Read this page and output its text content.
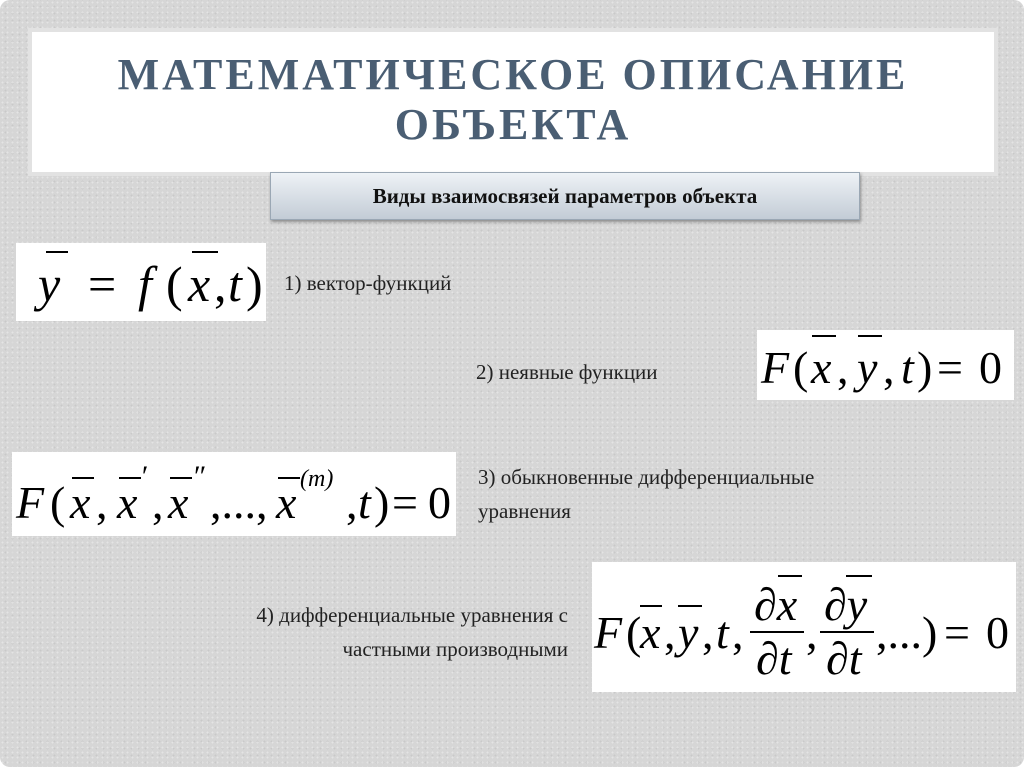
МАТЕМАТИЧЕСКОЕ ОПИСАНИЕ
ОБЪЕКТА
Виды взаимосвязей параметров объекта
y = f ( x , t ) 1) вектор-функций
2) неявные функции F ( x , y , t ) = 0
F ( x , x
′
, x
″
,..., x (m) , t ) = 0 3) обыкновенные дифференциальные
уравнения
4) дифференциальные уравнения с
частными производными F (
x , y , t ,
∂x
∂t
,
∂y
∂t
,...) = 0
